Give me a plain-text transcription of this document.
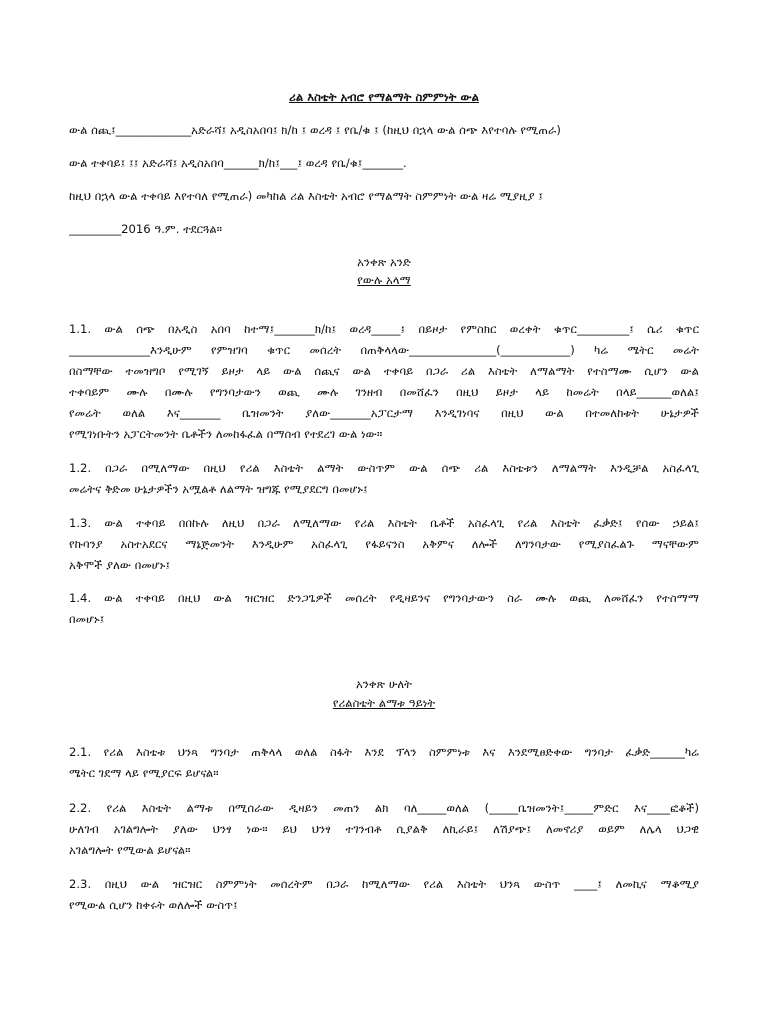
ሪል እስቴት አብሮ የማልማት ስምምነት ውል
ውል ሰጪ፤_____________አድራሻ፤ አዲስአበባ፤ ክ/ከ ፤ ወረዳ ፤ የቤ/ቁ ፤ (ከዚህ በኋላ ውል ሰጭ እየተባሉ የሚጠራ)
ውል ተቀባይ፤ ፤፤ አድራሻ፤ አዲስአበባ______ክ/ከ፤___፤ ወረዳ የቤ/ቁ፤_______.
ከዚህ በኋላ ውል ተቀባይ እየተባለ የሚጠራ) መካከል ሪል እስቴት አብሮ የማልማት ስምምነት ውል ዛሬ ሚያዚያ ፤
_________2016 ዓ.ም. ተደርጓል።
አንቀጽ አንድ
የውሉ አላማ
1.1. ውል ሰጭ በአዲስ አበባ ከተማ፤_______ክ/ከ፤ ወረዳ_____፤ በይዞታ የምስክር ወረቀት ቁጥር_________፤ ሴሪ ቁጥር
______________እንዲሁም የምዝገባ ቁጥር መሰረት በጠቅላላው_______________(____________) ካሬ ሜትር መሬት
በስማቸው ተመዝግቦ የሚገኝ ይዞታ ላይ ውል ሰጪና ውል ተቀባይ በጋራ ሪል እስቴት ለማልማት የተስማሙ ሲሆን ውል
ተቀባይም ሙሉ በሙሉ የግንባታውን ወጪ ሙሉ ገንዘብ በመሸፈን በዚህ ይዞታ ላይ ከመሬት በላይ______ወለል፤
የመሬት ወለል እና_______ ቤዝመንት ያለው_______አፓርታማ እንዲገነባና በዚህ ውል በተመለከቱት ሁኔታዎች
የሚገነቡትን አፓርትመንት ቤቶችን ለመከፋፈል በማሰብ የተደረገ ውል ነው።
1.2. በጋራ በሚለማው በዚህ የሪል እስቴት ልማት ውስጥም ውል ሰጭ ሪል እስቴቱን ለማልማት እንዲቻል አስፈላጊ
መሬትና ቅድመ ሁኔታዎችን አሟልቶ ለልማት ዝግጁ የሚያደርግ በመሆኑ፤
1.3. ውል ተቀባይ በበኩሉ ለዚህ በጋራ ለሚለማው የሪል እስቴት ቤቶች አስፈላጊ የሪል እስቴት ፈቃድ፤ የሰው ኃይል፤
የኩባንያ አስተአደርና ማኔጅመንት እንዲሁም አስፈላጊ የፋይናንስ አቅምና ለሎች ለግንባታው የሚያስፈልጉ ማናቸውም
አቅሞች ያለው በመሆኑ፤
1.4. ውል ተቀባይ በዚህ ውል ዝርዝር ድንጋጌዎች መሰረት የዲዛይንና የግንባታውን ስራ ሙሉ ወጪ ለመሸፈን የተስማማ
በመሆኑ፤
አንቀጽ ሁለት
የሪልስቴት ልማቱ ዓይነት
2.1. የሪል እስቴቱ ህንጻ ግንባታ ጠቅላላ ወለል ስፋት እንደ ፕላን ስምምነቱ እና እንደሚፀድቀው ግንባታ ፈቃድ______ካሬ
ሜትር ገደማ ላይ የሚያርፍ ይሆናል።
2.2. የሪል እስቴት ልማቱ በሚሰራው ዲዛይን መጠን ልክ ባለ_____ወለል (_____ቤዝመንት፤_____ምድር እና____ፎቆች)
ሁለገብ አገልግሎት ያለው ህንፃ ነው። ይህ ህንፃ ተገንብቶ ሲያልቅ ለኪራይ፤ ለሽያጭ፤ ለመኖሪያ ወይም ለሌላ ህጋዊ
አገልግሎት የሚውል ይሆናል።
2.3. በዚህ ውል ዝርዝር ስምምነት መሰረትም በጋራ ከሚለማው የሪል እስቴት ህንጻ ውስጥ ____፤ ለመኪና ማቆሚያ
የሚውል ሲሆን ከቀሩት ወለሎች ውስጥ፤
